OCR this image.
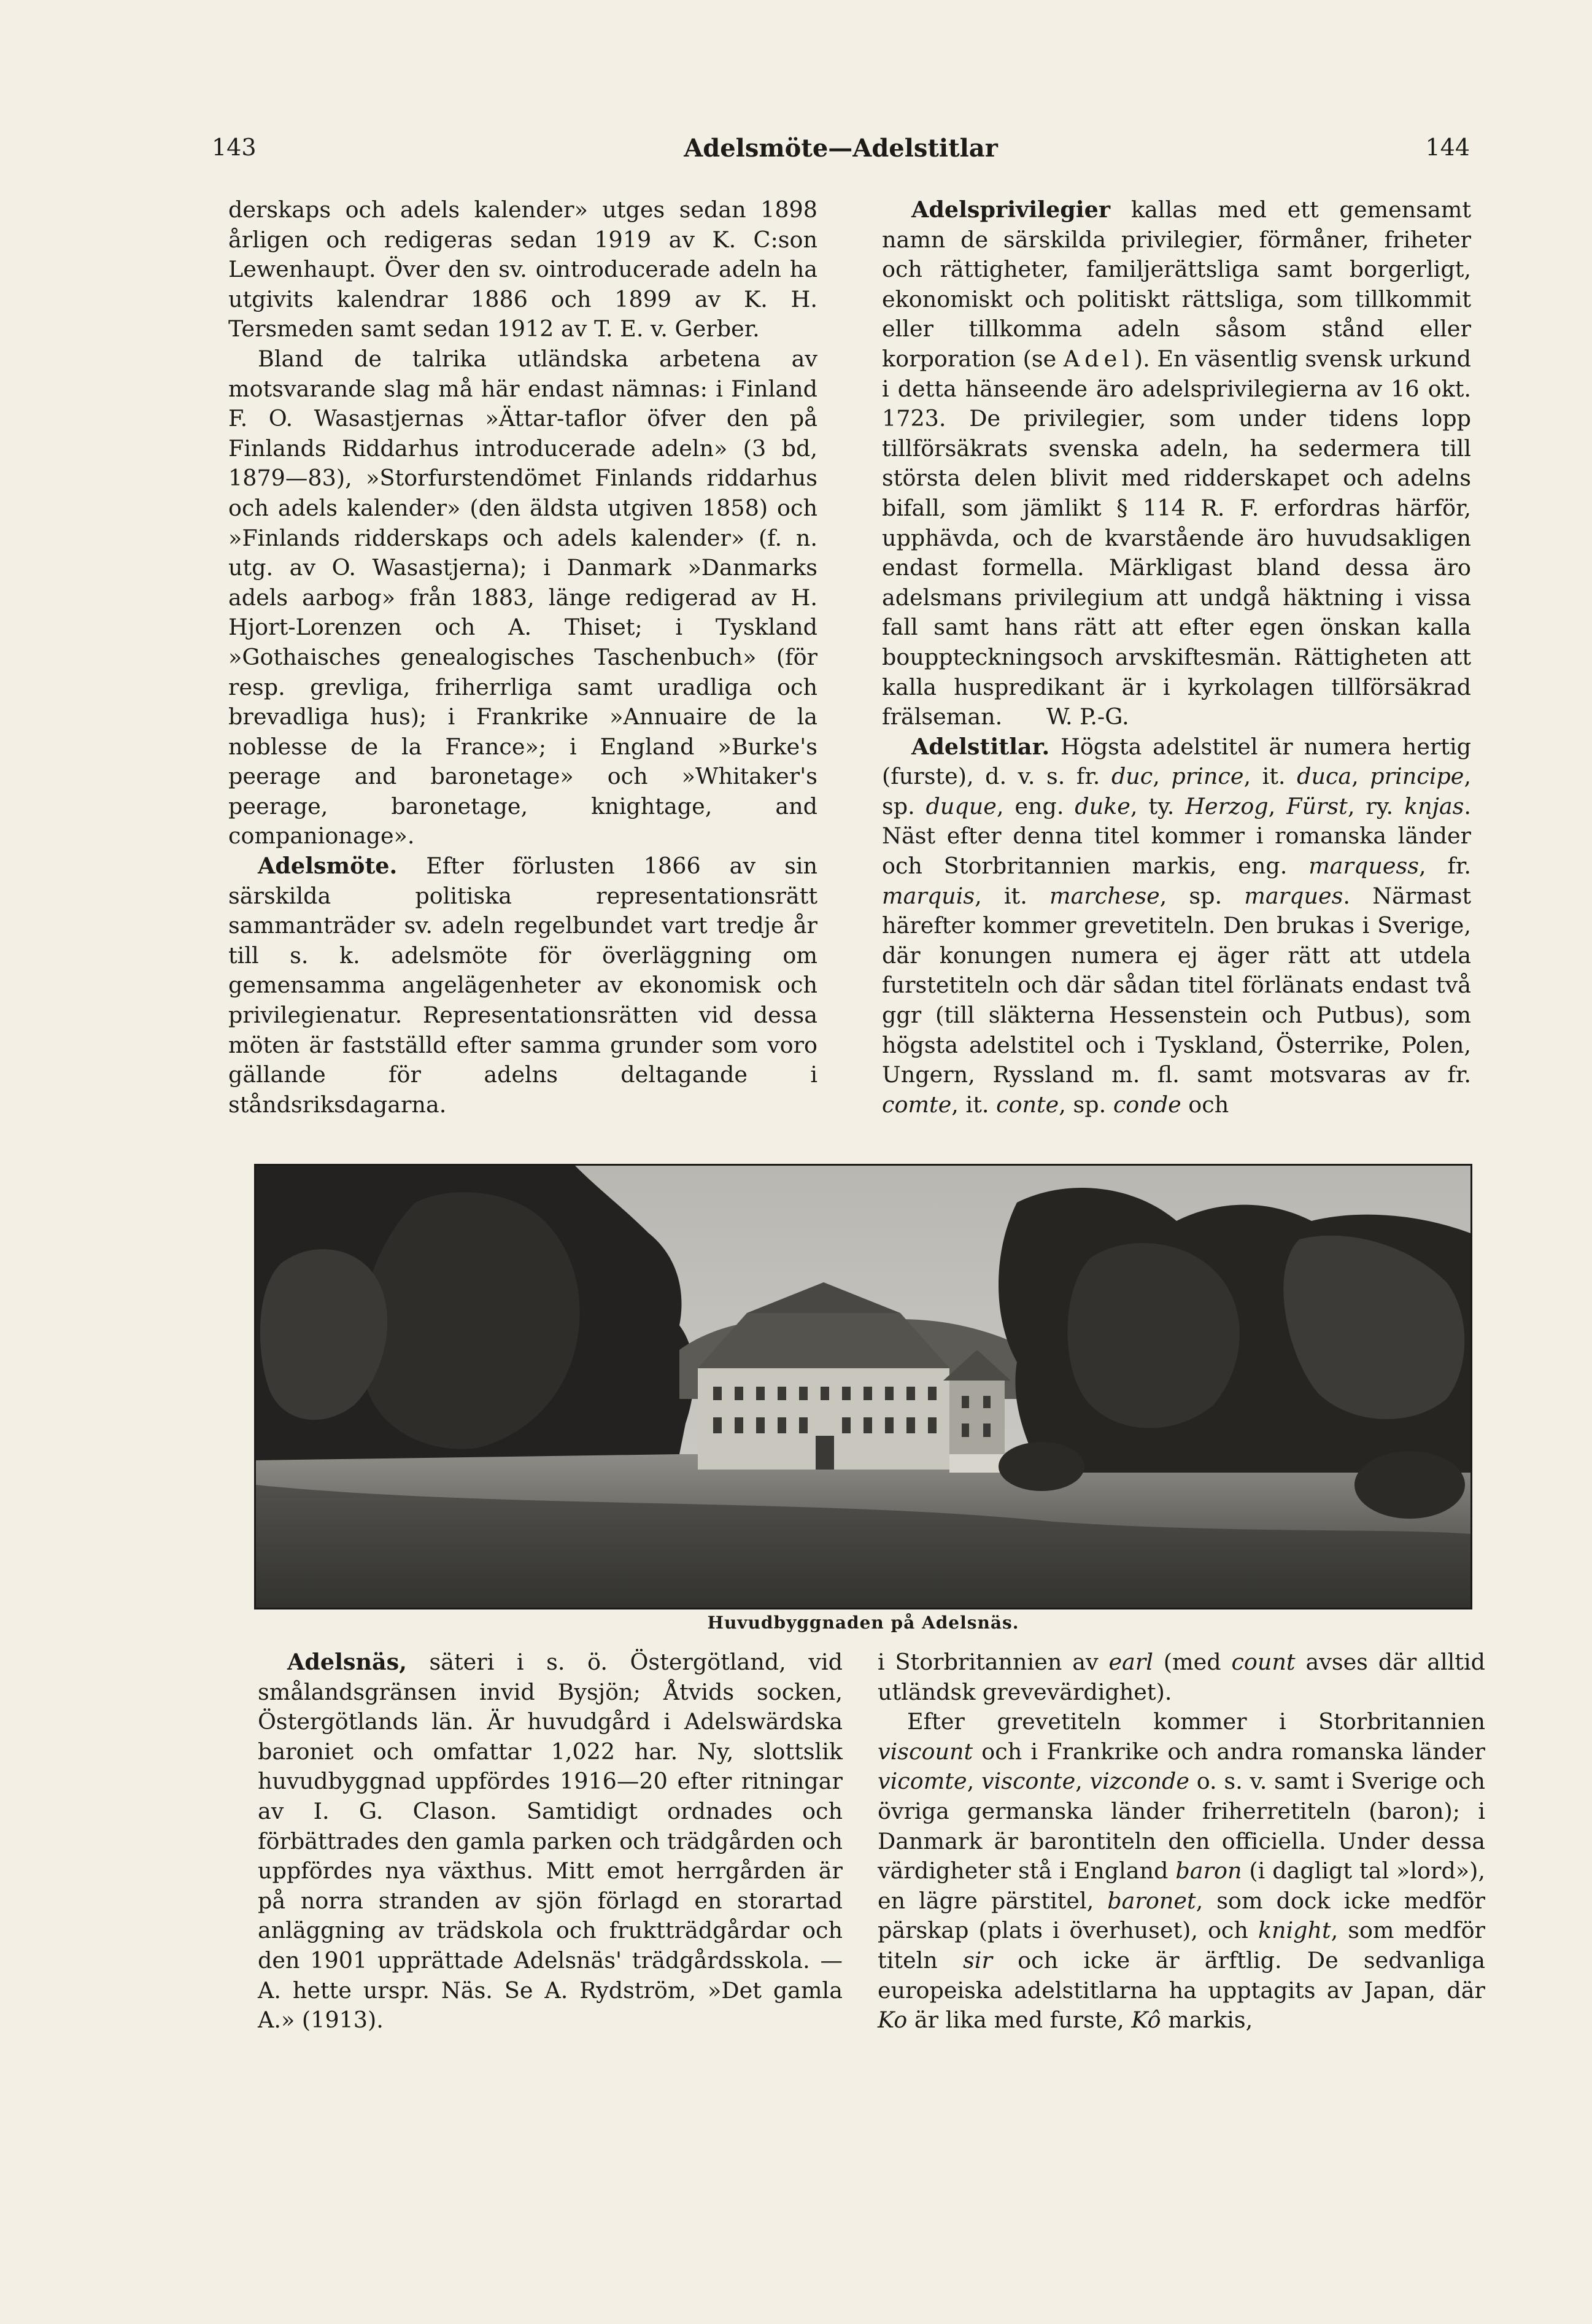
143	Adelsmöte—Adelstitlar	144

derskaps och adels kalender» utges sedan 1898 årligen och redigeras sedan 1919 av K. C:son Lewenhaupt. Över den sv. ointroducerade adeln ha utgivits kalendrar 1886 och 1899 av K. H. Tersmeden samt sedan 1912 av T. E. v. Gerber.

Bland de talrika utländska arbetena av motsvarande slag må här endast nämnas: i Finland F. O. Wasastjernas »Ättar-taflor öfver den på Finlands Riddarhus introducerade adeln» (3 bd, 1879—83), »Storfurstendömet Finlands riddarhus och adels kalender» (den äldsta utgiven 1858) och »Finlands ridderskaps och adels kalender» (f. n. utg. av O. Wasastjerna); i Danmark »Danmarks adels aarbog» från 1883, länge redigerad av H. Hjort-Lorenzen och A. Thiset; i Tyskland »Gothaisches genealogisches Taschenbuch» (för resp. grevliga, friherrliga samt uradliga och brevadliga hus); i Frankrike »Annuaire de la noblesse de la France»; i England »Burke's peerage and baronetage» och »Whitaker's peerage, baronetage, knightage, and companionage».

Adelsmöte. Efter förlusten 1866 av sin särskilda politiska representationsrätt sammanträder sv. adeln regelbundet vart tredje år till s. k. adelsmöte för överläggning om gemensamma angelägenheter av ekonomisk och privilegienatur. Representationsrätten vid dessa möten är fastställd efter samma grunder som voro gällande för adelns deltagande i ståndsriksdagarna.

Adelsprivilegier kallas med ett gemensamt namn de särskilda privilegier, förmåner, friheter och rättigheter, familjerättsliga samt borgerligt, ekonomiskt och politiskt rättsliga, som tillkommit eller tillkomma adeln såsom stånd eller korporation (se Adel). En väsentlig svensk urkund i detta hänseende äro adelsprivilegierna av 16 okt. 1723. De privilegier, som under tidens lopp tillförsäkrats svenska adeln, ha sedermera till största delen blivit med ridderskapet och adelns bifall, som jämlikt § 114 R. F. erfordras härför, upphävda, och de kvarstående äro huvudsakligen endast formella. Märkligast bland dessa äro adelsmans privilegium att undgå häktning i vissa fall samt hans rätt att efter egen önskan kalla bouppteckningsoch arvskiftesmän. Rättigheten att kalla huspredikant är i kyrkolagen tillförsäkrad frälseman. W. P.-G.

Adelstitlar. Högsta adelstitel är numera hertig (furste), d. v. s. fr. duc, prince, it. duca, principe, sp. duque, eng. duke, ty. Herzog, Fürst, ry. knjas. Näst efter denna titel kommer i romanska länder och Storbritannien markis, eng. marquess, fr. marquis, it. marchese, sp. marques. Närmast härefter kommer grevetiteln. Den brukas i Sverige, där konungen numera ej äger rätt att utdela furstetiteln och där sådan titel förlänats endast två ggr (till släkterna Hessenstein och Putbus), som högsta adelstitel och i Tyskland, Österrike, Polen, Ungern, Ryssland m. fl. samt motsvaras av fr. comte, it. conte, sp. conde och

Huvudbyggnaden på Adelsnäs.

Adelsnäs, säteri i s. ö. Östergötland, vid smålandsgränsen invid Bysjön; Åtvids socken, Östergötlands län. Är huvudgård i Adelswärdska baroniet och omfattar 1,022 har. Ny, slottslik huvudbyggnad uppfördes 1916—20 efter ritningar av I. G. Clason. Samtidigt ordnades och förbättrades den gamla parken och trädgården och uppfördes nya växthus. Mitt emot herrgården är på norra stranden av sjön förlagd en storartad anläggning av trädskola och fruktträdgårdar och den 1901 upprättade Adelsnäs' trädgårdsskola. — A. hette urspr. Näs. Se A. Rydström, »Det gamla A.» (1913).

i Storbritannien av earl (med count avses där alltid utländsk grevevärdighet).

Efter grevetiteln kommer i Storbritannien viscount och i Frankrike och andra romanska länder vicomte, visconte, vizconde o. s. v. samt i Sverige och övriga germanska länder friherretiteln (baron); i Danmark är barontiteln den officiella. Under dessa värdigheter stå i England baron (i dagligt tal »lord»), en lägre pärstitel, baronet, som dock icke medför pärskap (plats i överhuset), och knight, som medför titeln sir och icke är ärftlig. De sedvanliga europeiska adelstitlarna ha upptagits av Japan, där Ko är lika med furste, Kô markis,
